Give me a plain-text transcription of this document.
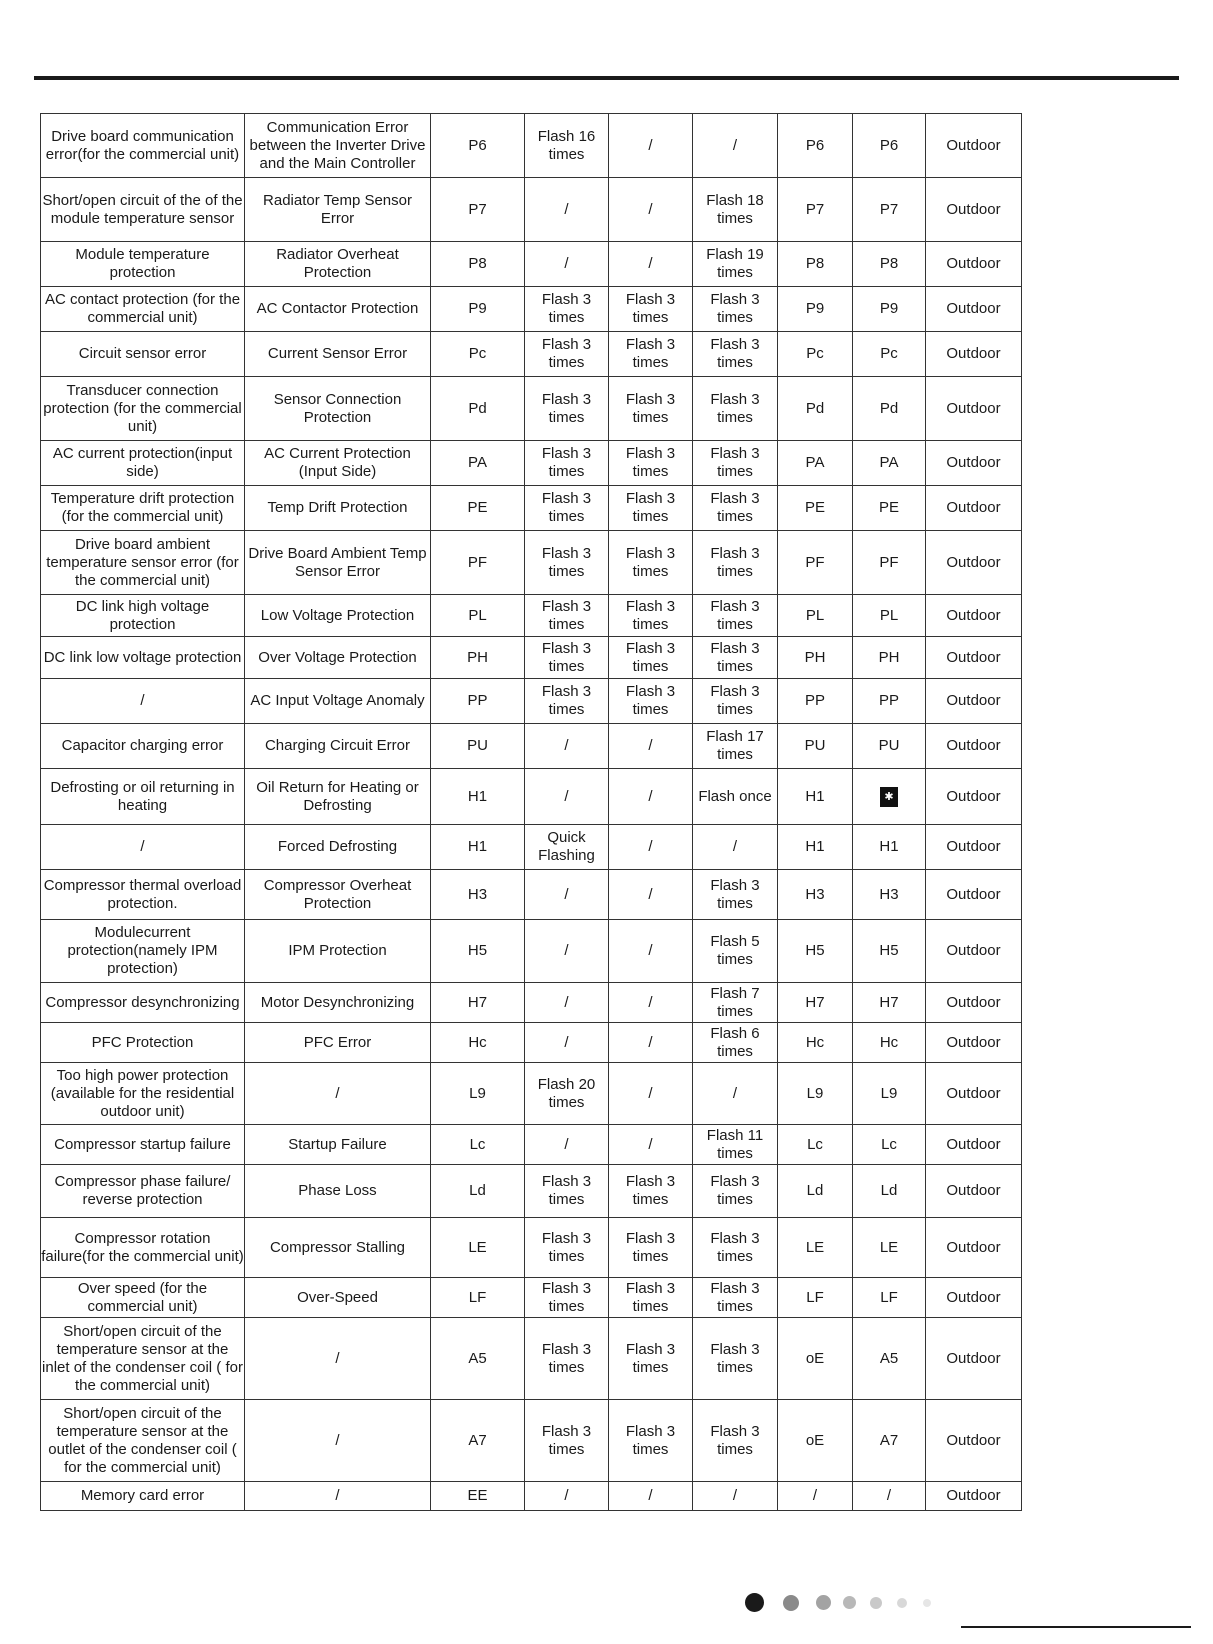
Drive board communication error(for the commercial unit)	Communication Error between the Inverter Drive and the Main Controller	P6	Flash 16 times	/	/	P6	P6	Outdoor
Short/open circuit of the of the module temperature sensor	Radiator Temp Sensor Error	P7	/	/	Flash 18 times	P7	P7	Outdoor
Module temperature protection	Radiator Overheat Protection	P8	/	/	Flash 19 times	P8	P8	Outdoor
AC contact protection (for the commercial unit)	AC Contactor Protection	P9	Flash 3 times	Flash 3 times	Flash 3 times	P9	P9	Outdoor
Circuit sensor error	Current Sensor Error	Pc	Flash 3 times	Flash 3 times	Flash 3 times	Pc	Pc	Outdoor
Transducer connection protection (for the commercial unit)	Sensor Connection Protection	Pd	Flash 3 times	Flash 3 times	Flash 3 times	Pd	Pd	Outdoor
AC current protection(input side)	AC Current Protection (Input Side)	PA	Flash 3 times	Flash 3 times	Flash 3 times	PA	PA	Outdoor
Temperature drift protection (for the commercial unit)	Temp Drift Protection	PE	Flash 3 times	Flash 3 times	Flash 3 times	PE	PE	Outdoor
Drive board ambient temperature sensor error (for the commercial unit)	Drive Board Ambient Temp Sensor Error	PF	Flash 3 times	Flash 3 times	Flash 3 times	PF	PF	Outdoor
DC link high voltage protection	Low Voltage Protection	PL	Flash 3 times	Flash 3 times	Flash 3 times	PL	PL	Outdoor
DC link low voltage protection	Over Voltage Protection	PH	Flash 3 times	Flash 3 times	Flash 3 times	PH	PH	Outdoor
/	AC Input Voltage Anomaly	PP	Flash 3 times	Flash 3 times	Flash 3 times	PP	PP	Outdoor
Capacitor charging error	Charging Circuit Error	PU	/	/	Flash 17 times	PU	PU	Outdoor
Defrosting or oil returning in heating	Oil Return for Heating or Defrosting	H1	/	/	Flash once	H1	✱	Outdoor
/	Forced Defrosting	H1	Quick Flashing	/	/	H1	H1	Outdoor
Compressor thermal overload protection.	Compressor Overheat Protection	H3	/	/	Flash 3 times	H3	H3	Outdoor
Modulecurrent protection(namely IPM protection)	IPM Protection	H5	/	/	Flash 5 times	H5	H5	Outdoor
Compressor desynchronizing	Motor Desynchronizing	H7	/	/	Flash 7 times	H7	H7	Outdoor
PFC Protection	PFC Error	Hc	/	/	Flash 6 times	Hc	Hc	Outdoor
Too high power protection (available for the residential outdoor unit)	/	L9	Flash 20 times	/	/	L9	L9	Outdoor
Compressor startup failure	Startup Failure	Lc	/	/	Flash 11 times	Lc	Lc	Outdoor
Compressor phase failure/ reverse protection	Phase Loss	Ld	Flash 3 times	Flash 3 times	Flash 3 times	Ld	Ld	Outdoor
Compressor rotation failure(for the commercial unit)	Compressor Stalling	LE	Flash 3 times	Flash 3 times	Flash 3 times	LE	LE	Outdoor
Over speed (for the commercial unit)	Over-Speed	LF	Flash 3 times	Flash 3 times	Flash 3 times	LF	LF	Outdoor
Short/open circuit of the temperature sensor at the inlet of the condenser coil ( for the commercial unit)	/	A5	Flash 3 times	Flash 3 times	Flash 3 times	oE	A5	Outdoor
Short/open circuit of the temperature sensor at the outlet of the condenser coil ( for the commercial unit)	/	A7	Flash 3 times	Flash 3 times	Flash 3 times	oE	A7	Outdoor
Memory card error	/	EE	/	/	/	/	/	Outdoor
